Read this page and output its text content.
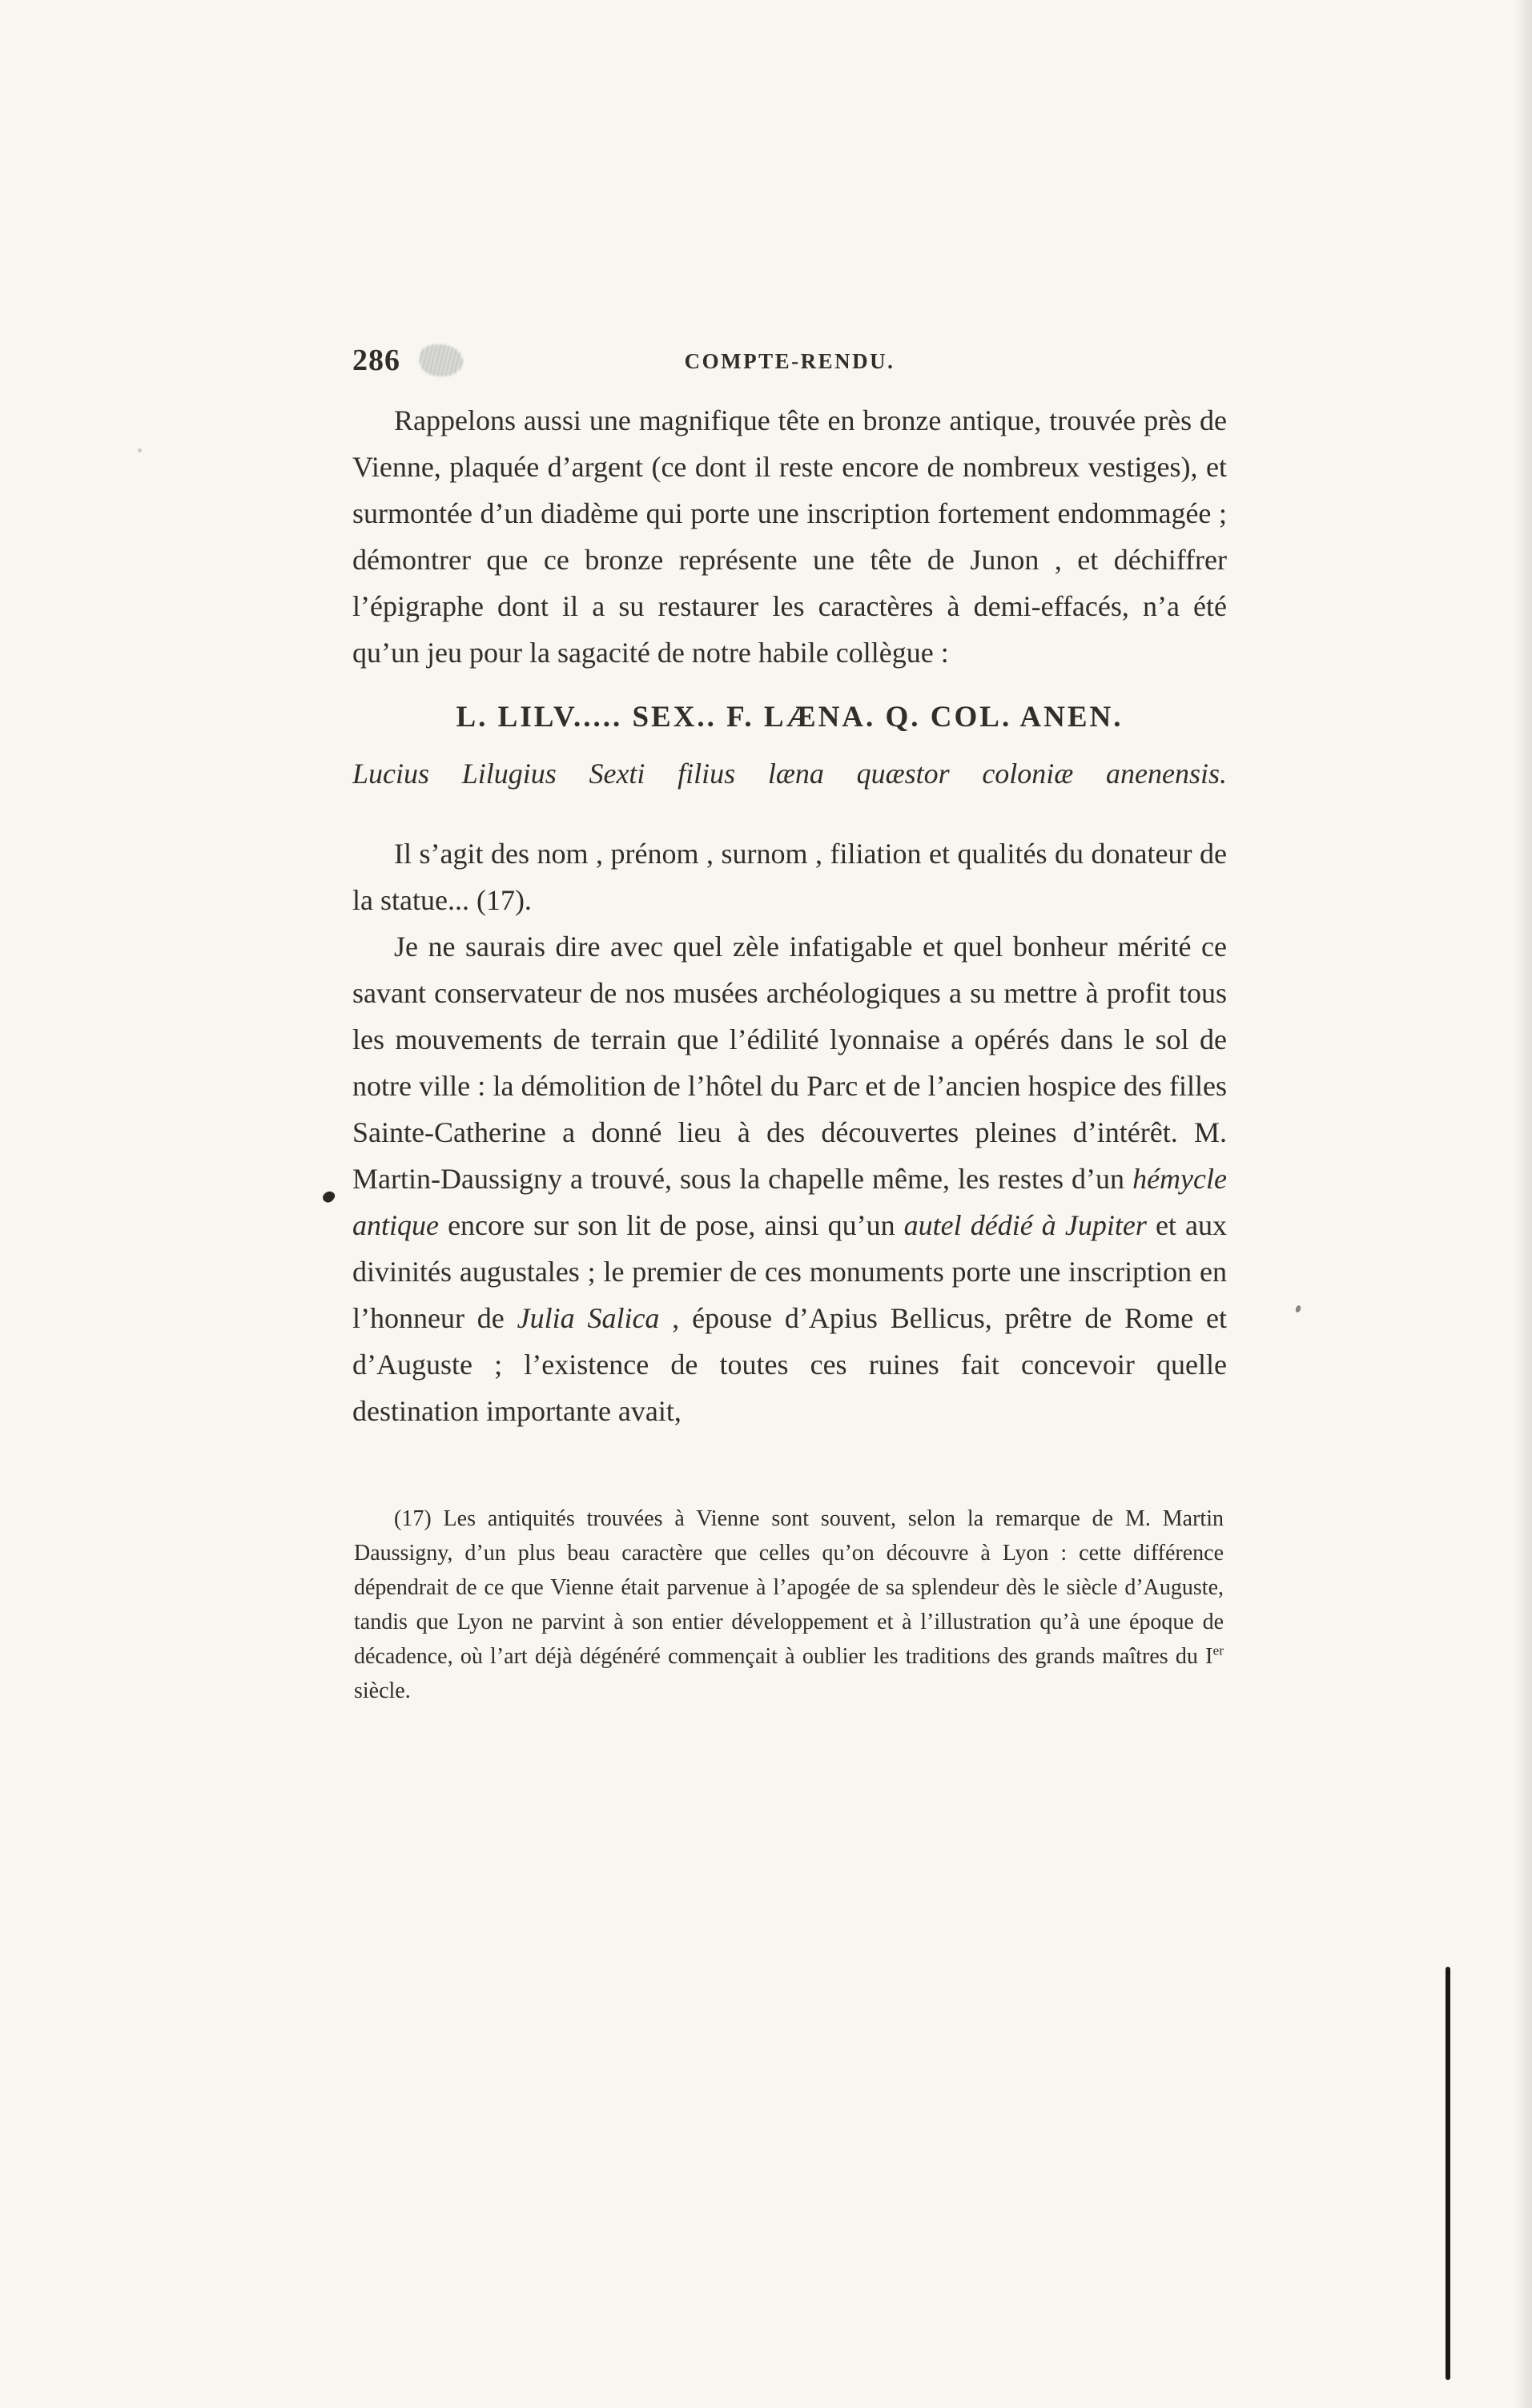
286	COMPTE-RENDU.

Rappelons aussi une magnifique tête en bronze antique, trouvée près de Vienne, plaquée d’argent (ce dont il reste encore de nombreux vestiges), et surmontée d’un diadème qui porte une inscription fortement endommagée ; démontrer que ce bronze représente une tête de Junon , et déchiffrer l’épigraphe dont il a su restaurer les caractères à demi-effacés, n’a été qu’un jeu pour la sagacité de notre habile collègue :

L. LILV..... SEX.. F. LÆNA. Q. COL. ANEN.

Lucius Lilugius Sexti filius læna quæstor coloniæ anenensis.

Il s’agit des nom , prénom , surnom , filiation et qualités du donateur de la statue... (17).

Je ne saurais dire avec quel zèle infatigable et quel bonheur mérité ce savant conservateur de nos musées archéologiques a su mettre à profit tous les mouvements de terrain que l’édilité lyonnaise a opérés dans le sol de notre ville : la démolition de l’hôtel du Parc et de l’ancien hospice des filles Sainte-Catherine a donné lieu à des découvertes pleines d’intérêt. M. Martin-Daussigny a trouvé, sous la chapelle même, les restes d’un hémycle antique encore sur son lit de pose, ainsi qu’un autel dédié à Jupiter et aux divinités augustales ; le premier de ces monuments porte une inscription en l’honneur de Julia Salica , épouse d’Apius Bellicus, prêtre de Rome et d’Auguste ; l’existence de toutes ces ruines fait concevoir quelle destination importante avait,

(17) Les antiquités trouvées à Vienne sont souvent, selon la remarque de M. Martin Daussigny, d’un plus beau caractère que celles qu’on découvre à Lyon : cette différence dépendrait de ce que Vienne était parvenue à l’apogée de sa splendeur dès le siècle d’Auguste, tandis que Lyon ne parvint à son entier développement et à l’illustration qu’à une époque de décadence, où l’art déjà dégénéré commençait à oublier les traditions des grands maîtres du Ier siècle.
